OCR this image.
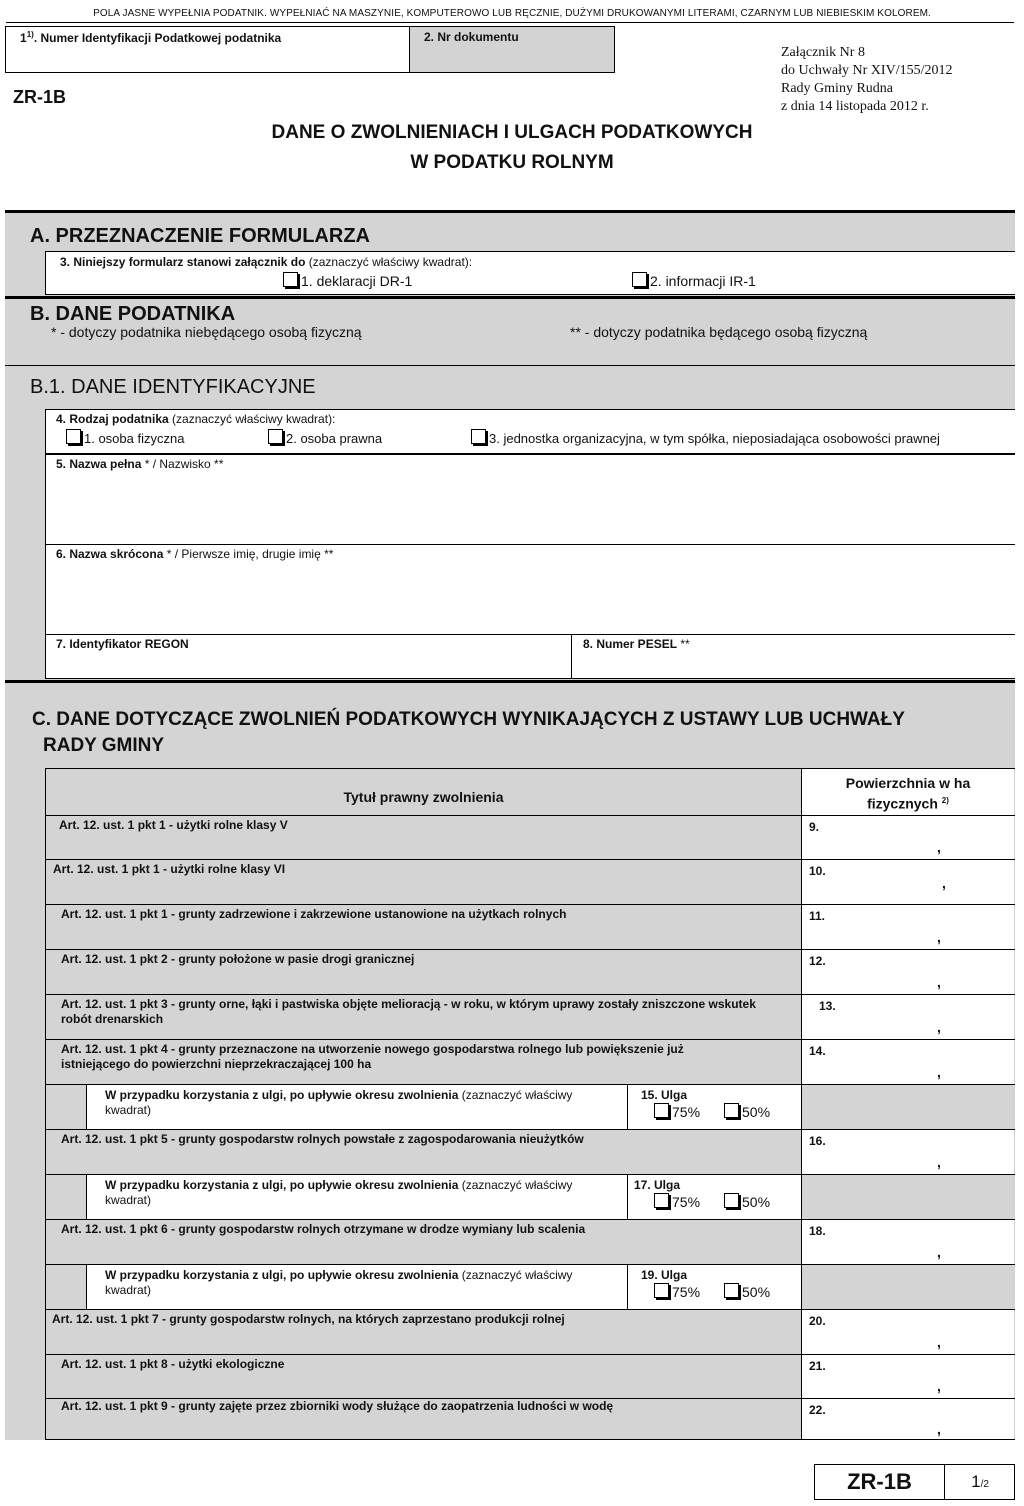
POLA JASNE WYPEŁNIA PODATNIK. WYPEŁNIAĆ NA MASZYNIE, KOMPUTEROWO LUB RĘCZNIE, DUŻYMI DRUKOWANYMI LITERAMI, CZARNYM LUB NIEBIESKIM KOLOREM.
1$^{1)}$. Numer Identyfikacji Podatkowej podatnika	2. Nr dokumentu
Załącznik Nr 8
do Uchwały Nr XIV/155/2012
Rady Gminy Rudna
z dnia 14 listopada 2012 r.
ZR-1B
DANE O ZWOLNIENIACH I ULGACH PODATKOWYCH
W PODATKU ROLNYM
A. PRZEZNACZENIE FORMULARZA
3. Niniejszy formularz stanowi załącznik do (zaznaczyć właściwy kwadrat):
1. deklaracji DR-1	2. informacji IR-1
B. DANE PODATNIKA
* - dotyczy podatnika niebędącego osobą fizyczną	** - dotyczy podatnika będącego osobą fizyczną
B.1. DANE IDENTYFIKACYJNE
4. Rodzaj podatnika (zaznaczyć właściwy kwadrat):
1. osoba fizyczna	2. osoba prawna	3. jednostka organizacyjna, w tym spółka, nieposiadająca osobowości prawnej
5. Nazwa pełna * / Nazwisko **
6. Nazwa skrócona * / Pierwsze imię, drugie imię **
7. Identyfikator REGON	8. Numer PESEL **
C. DANE DOTYCZĄCE ZWOLNIEŃ PODATKOWYCH WYNIKAJĄCYCH Z USTAWY LUB UCHWAŁY
RADY GMINY
Tytuł prawny zwolnienia
Powierzchnia w ha fizycznych $^{2)}$
Art. 12. ust. 1 pkt 1 - użytki rolne klasy V	9.
,
Art. 12. ust. 1 pkt 1 - użytki rolne klasy VI	10.
,
Art. 12. ust. 1 pkt 1 - grunty zadrzewione i zakrzewione ustanowione na użytkach rolnych	11.
,
Art. 12. ust. 1 pkt 2 - grunty położone w pasie drogi granicznej	12.
,
Art. 12. ust. 1 pkt 3 - grunty orne, łąki i pastwiska objęte melioracją - w roku, w którym uprawy zostały zniszczone wskutek robót drenarskich
13.
,
Art. 12. ust. 1 pkt 4 - grunty przeznaczone na utworzenie nowego gospodarstwa rolnego lub powiększenie już istniejącego do powierzchni nieprzekraczającej 100 ha
14.
,
W przypadku korzystania z ulgi, po upływie okresu zwolnienia (zaznaczyć właściwy kwadrat)
15. Ulga
75%	50%
Art. 12. ust. 1 pkt 5 - grunty gospodarstw rolnych powstałe z zagospodarowania nieużytków	16.
,
W przypadku korzystania z ulgi, po upływie okresu zwolnienia (zaznaczyć właściwy kwadrat)
17. Ulga
75%	50%
Art. 12. ust. 1 pkt 6 - grunty gospodarstw rolnych otrzymane w drodze wymiany lub scalenia	18.
,
W przypadku korzystania z ulgi, po upływie okresu zwolnienia (zaznaczyć właściwy kwadrat)
19. Ulga
75%	50%
Art. 12. ust. 1 pkt 7 - grunty gospodarstw rolnych, na których zaprzestano produkcji rolnej	20.
,
Art. 12. ust. 1 pkt 8 - użytki ekologiczne	21.
,
Art. 12. ust. 1 pkt 9 - grunty zajęte przez zbiorniki wody służące do zaopatrzenia ludności w wodę	22.
,
ZR-1B	1/2
